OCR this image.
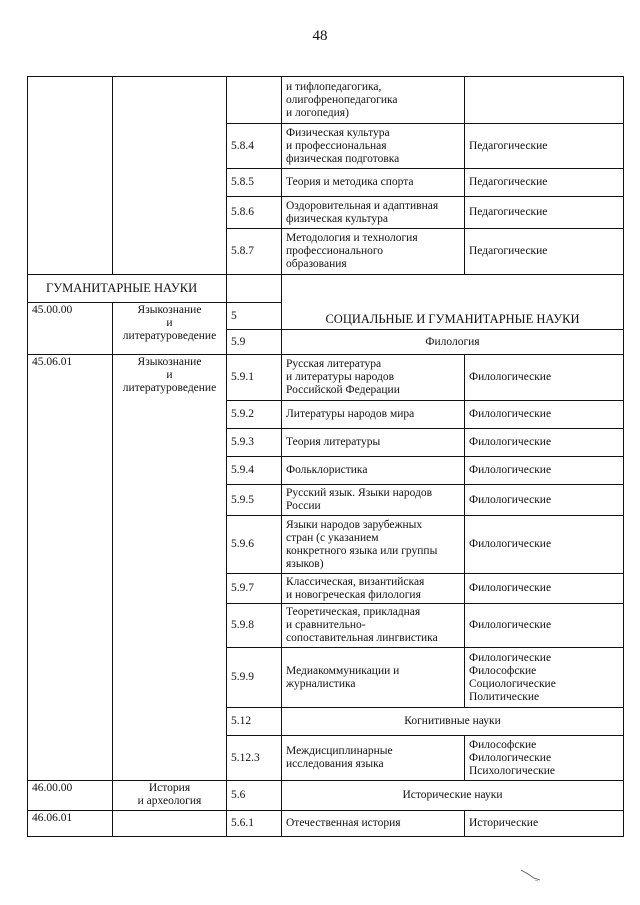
48

			и тифлопедагогика,
олигофренопедагогика
и логопедия)	

		5.8.4	Физическая культура
и профессиональная
физическая подготовка	Педагогические
		5.8.5	Теория и методика спорта	Педагогические
		5.8.6	Оздоровительная и адаптивная
физическая культура	Педагогические
		5.8.7	Методология и технология
профессионального
образования	Педагогические
ГУМАНИТАРНЫЕ НАУКИ			СОЦИАЛЬНЫЕ И ГУМАНИТАРНЫЕ НАУКИ	
45.00.00	Языкознание
и
литературоведение	5		
		5.9	Филология	
45.06.01	Языкознание
и
литературоведение	5.9.1	Русская литература
и литературы народов
Российской Федерации	Филологические
		5.9.2	Литературы народов мира	Филологические
		5.9.3	Теория литературы	Филологические
		5.9.4	Фольклористика	Филологические
		5.9.5	Русский язык. Языки народов
России	Филологические
		5.9.6	Языки народов зарубежных
стран (с указанием
конкретного языка или группы
языков)	Филологические
		5.9.7	Классическая, византийская
и новогреческая филология	Филологические
		5.9.8	Теоретическая, прикладная
и сравнительно-
сопоставительная лингвистика	Филологические
		5.9.9	Медиакоммуникации и
журналистика	Филологические
Философские
Социологические
Политические

		5.12	Когнитивные науки	
		5.12.3	Междисциплинарные
исследования языка	Философские
Филологические
Психологические

46.00.00	История
и археология	5.6	Исторические науки	
46.06.01		5.6.1	Отечественная история	Исторические
